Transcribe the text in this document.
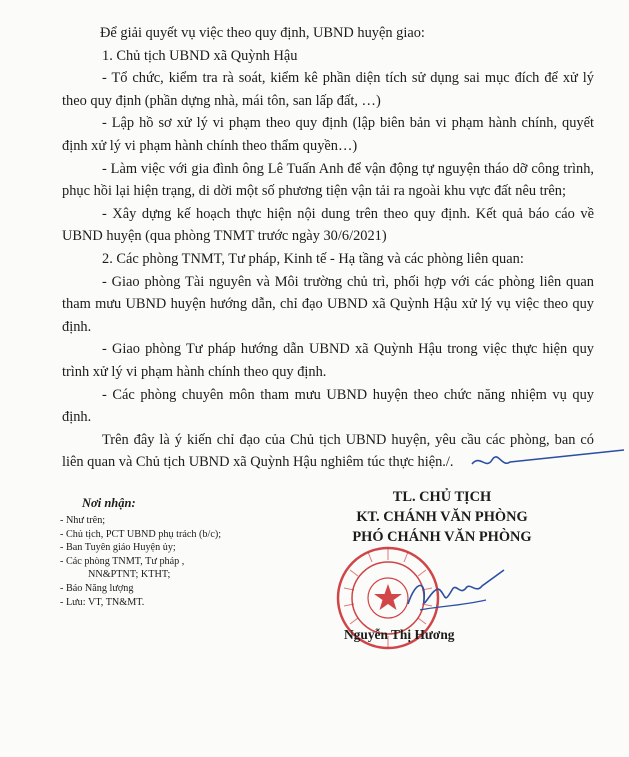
Để giải quyết vụ việc theo quy định, UBND huyện giao:

1. Chủ tịch UBND xã Quỳnh Hậu

- Tổ chức, kiểm tra rà soát, kiểm kê phần diện tích sử dụng sai mục đích để xử lý theo quy định (phần dựng nhà, mái tôn, san lấp đất, …)

- Lập hồ sơ xử lý vi phạm theo quy định (lập biên bản vi phạm hành chính, quyết định xử lý vi phạm hành chính theo thẩm quyền…)

- Làm việc với gia đình ông Lê Tuấn Anh để vận động tự nguyện tháo dỡ công trình, phục hồi lại hiện trạng, di dời một số phương tiện vận tải ra ngoài khu vực đất nêu trên;

- Xây dựng kế hoạch thực hiện nội dung trên theo quy định. Kết quả báo cáo về UBND huyện (qua phòng TNMT trước ngày 30/6/2021)

2. Các phòng TNMT, Tư pháp, Kinh tế - Hạ tầng và các phòng liên quan:

- Giao phòng Tài nguyên và Môi trường chủ trì, phối hợp với các phòng liên quan tham mưu UBND huyện hướng dẫn, chỉ đạo UBND xã Quỳnh Hậu xử lý vụ việc theo quy định.

- Giao phòng Tư pháp hướng dẫn UBND xã Quỳnh Hậu trong việc thực hiện quy trình xử lý vi phạm hành chính theo quy định.

- Các phòng chuyên môn tham mưu UBND huyện theo chức năng nhiệm vụ quy định.

Trên đây là ý kiến chỉ đạo của Chủ tịch UBND huyện, yêu cầu các phòng, ban có liên quan và Chủ tịch UBND xã Quỳnh Hậu nghiêm túc thực hiện./.

Nơi nhận:
- Như trên;
- Chủ tịch, PCT UBND phụ trách (b/c);
- Ban Tuyên giáo Huyện ủy;
- Các phòng TNMT, Tư pháp ,
NN&PTNT; KTHT;
- Báo Năng lượng
- Lưu: VT, TN&MT.
TL. CHỦ TỊCH
KT. CHÁNH VĂN PHÒNG
PHÓ CHÁNH VĂN PHÒNG
Nguyễn Thị Hương
